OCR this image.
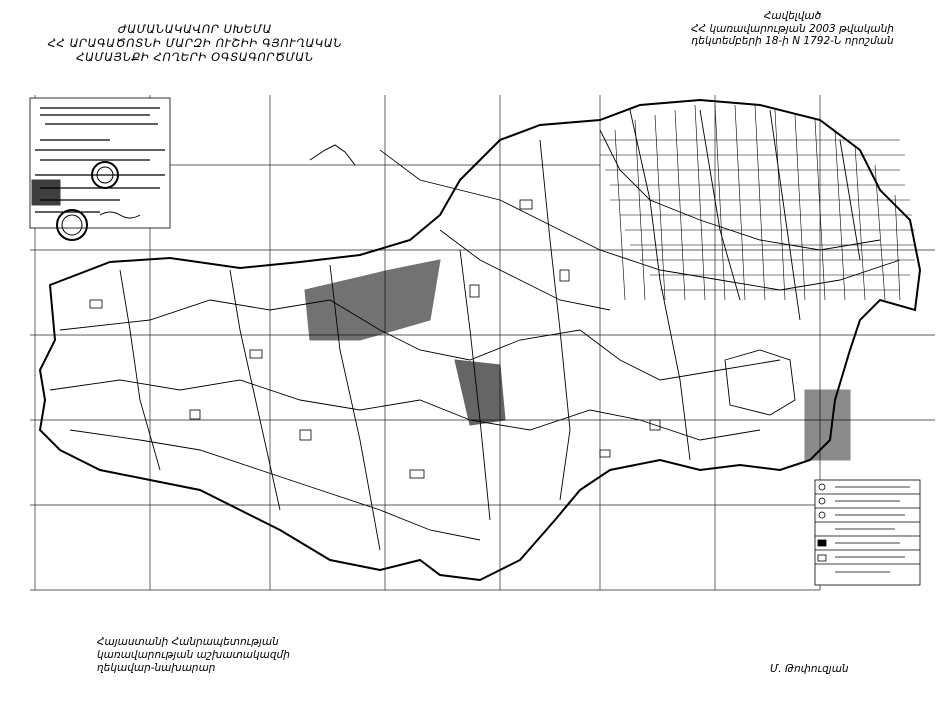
ԺԱՄԱՆԱԿԱՎՈՐ ՍԽԵՄԱ
ՀՀ ԱՐԱԳԱԾՈՏՆԻ ՄԱՐԶԻ ՈՒՇԻԻ ԳՅՈՒՂԱԿԱՆ
ՀԱՄԱՅՆՔԻ ՀՈՂԵՐԻ ՕԳՏԱԳՈՐԾՄԱՆ
Հավելված
ՀՀ կառավարության 2003 թվականի
դեկտեմբերի 18-ի N 1792-Ն որոշման
Հայաստանի Հանրապետության
կառավարության աշխատակազմի
ղեկավար-նախարար	Մ. Թոփուզյան
